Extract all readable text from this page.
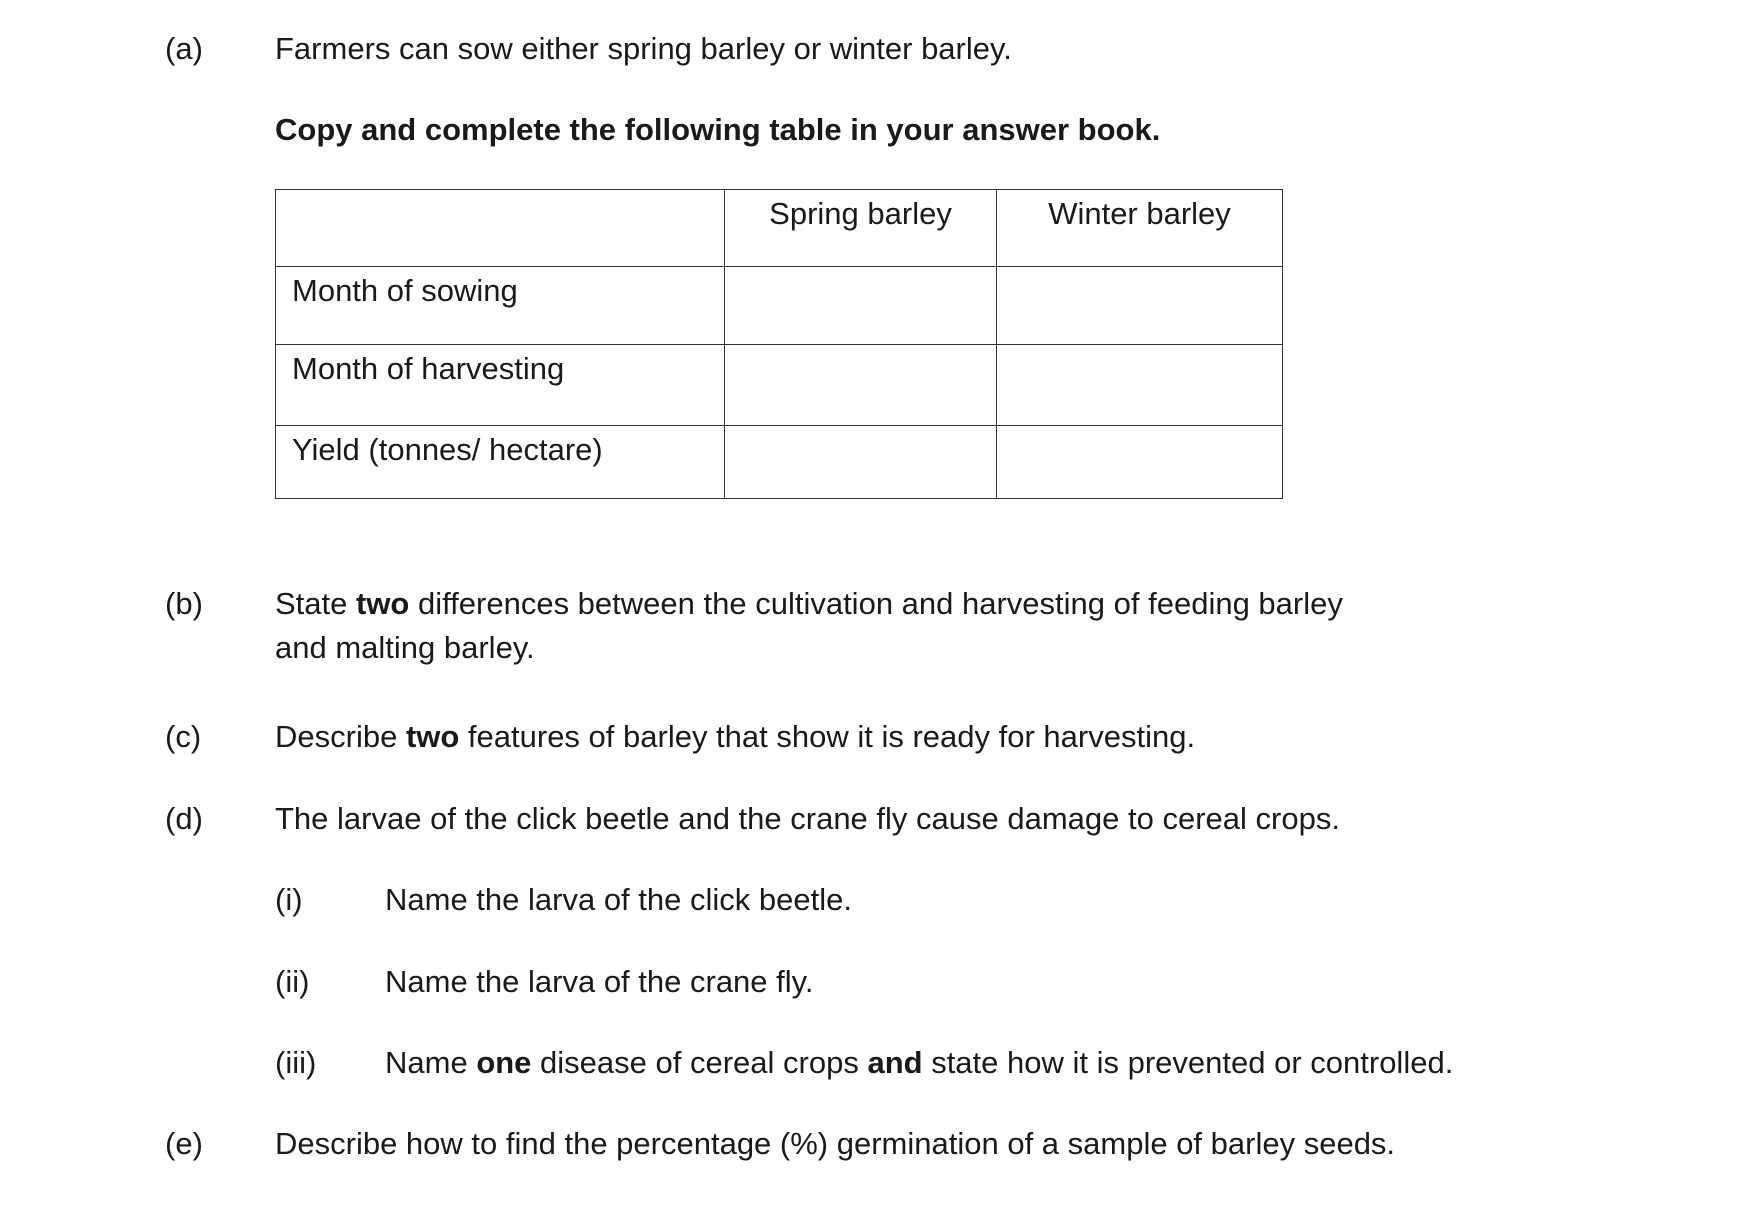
(a) Farmers can sow either spring barley or winter barley.
Copy and complete the following table in your answer book.
	Spring barley	Winter barley
Month of sowing		
Month of harvesting		
Yield (tonnes/ hectare)		
(b) State two differences between the cultivation and harvesting of feeding barley
and malting barley.
(c) Describe two features of barley that show it is ready for harvesting.
(d) The larvae of the click beetle and the crane fly cause damage to cereal crops.
(i)	Name the larva of the click beetle.
(ii) Name the larva of the crane fly.
(iii) Name one disease of cereal crops and state how it is prevented or controlled.
(e) Describe how to find the percentage (%) germination of a sample of barley seeds.
